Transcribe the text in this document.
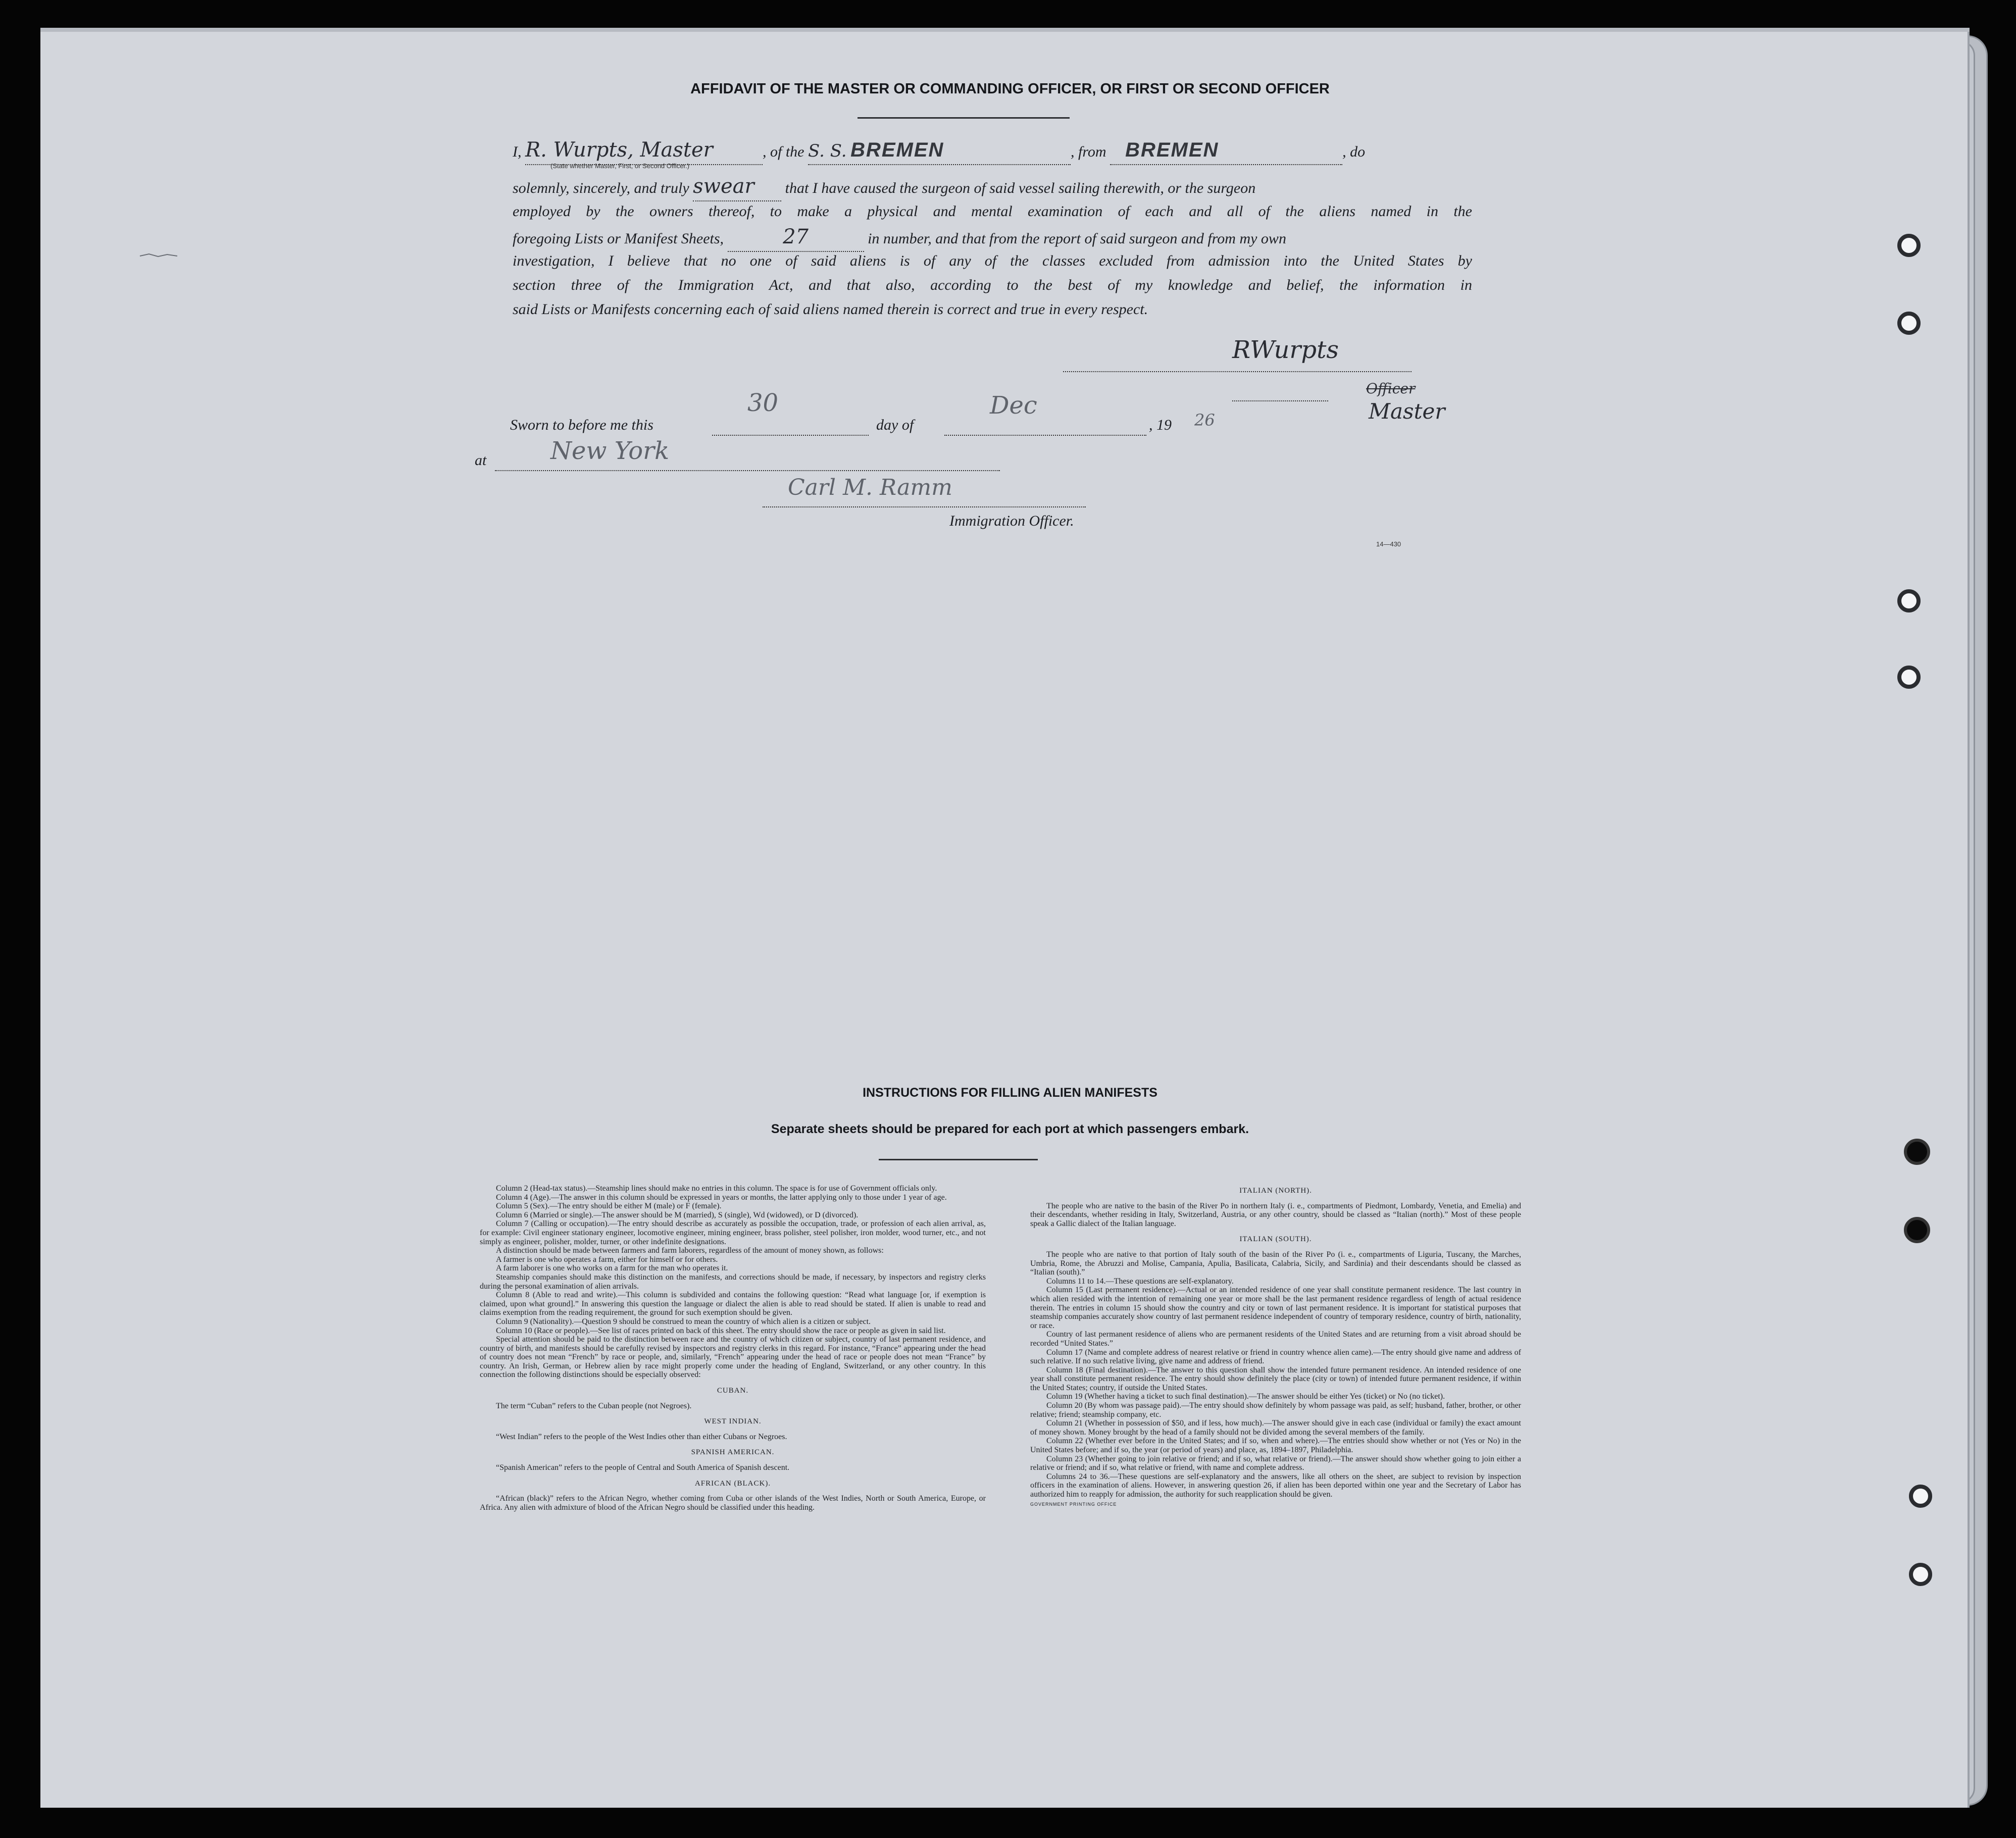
AFFIDAVIT OF THE MASTER OR COMMANDING OFFICER, OR FIRST OR SECOND OFFICER
I, R. Wurpts, Master	, of the S. S. BREMEN	, from BREMEN	, do
(State whether Master, First, or Second Officer.)
solemnly, sincerely, and truly swear that I have caused the surgeon of said vessel sailing therewith, or the surgeon
employed by the owners thereof, to make a physical and mental examination of each and all of the aliens named in the
foregoing Lists or Manifest Sheets,	27	in number, and that from the report of said surgeon and from my own
investigation, I believe that no one of said aliens is of any of the classes excluded from admission into the United States by
section three of the Immigration Act, and that also, according to the best of my knowledge and belief, the information in
said Lists or Manifests concerning each of said aliens named therein is correct and true in every respect.
RWurpts
Officer
Master
Sworn to before me this
30
day of
Dec
, 19 26
at	New York
Carl M. Ramm
Immigration Officer.
14—430
INSTRUCTIONS FOR FILLING ALIEN MANIFESTS
Separate sheets should be prepared for each port at which passengers embark.

Column 2 (Head-tax status).—Steamship lines should make no entries in this column. The space is for use of Government officials only.

Column 4 (Age).—The answer in this column should be expressed in years or months, the latter applying only to those under 1 year of age.

Column 5 (Sex).—The entry should be either M (male) or F (female).

Column 6 (Married or single).—The answer should be M (married), S (single), Wd (widowed), or D (divorced).

Column 7 (Calling or occupation).—The entry should describe as accurately as possible the occupation, trade, or profession of each alien arrival, as, for example: Civil engineer stationary engineer, locomotive engineer, mining engineer, brass polisher, steel polisher, iron molder, wood turner, etc., and not simply as engineer, polisher, molder, turner, or other indefinite designations.

A distinction should be made between farmers and farm laborers, regardless of the amount of money shown, as follows:

A farmer is one who operates a farm, either for himself or for others.

A farm laborer is one who works on a farm for the man who operates it.

Steamship companies should make this distinction on the manifests, and corrections should be made, if necessary, by inspectors and registry clerks during the personal examination of alien arrivals.

Column 8 (Able to read and write).—This column is subdivided and contains the following question: “Read what language [or, if exemption is claimed, upon what ground].” In answering this question the language or dialect the alien is able to read should be stated. If alien is unable to read and claims exemption from the reading requirement, the ground for such exemption should be given.

Column 9 (Nationality).—Question 9 should be construed to mean the country of which alien is a citizen or subject.

Column 10 (Race or people).—See list of races printed on back of this sheet. The entry should show the race or people as given in said list.

Special attention should be paid to the distinction between race and the country of which citizen or subject, country of last permanent residence, and country of birth, and manifests should be carefully revised by inspectors and registry clerks in this regard. For instance, “France” appearing under the head of country does not mean “French” by race or people, and, similarly, “French” appearing under the head of race or people does not mean “France” by country. An Irish, German, or Hebrew alien by race might properly come under the heading of England, Switzerland, or any other country. In this connection the following distinctions should be especially observed:

CUBAN.

The term “Cuban” refers to the Cuban people (not Negroes).

WEST INDIAN.

“West Indian” refers to the people of the West Indies other than either Cubans or Negroes.

SPANISH AMERICAN.

“Spanish American” refers to the people of Central and South America of Spanish descent.

AFRICAN (BLACK).

“African (black)” refers to the African Negro, whether coming from Cuba or other islands of the West Indies, North or South America, Europe, or Africa. Any alien with admixture of blood of the African Negro should be classified under this heading.

ITALIAN (NORTH).

The people who are native to the basin of the River Po in northern Italy (i. e., compartments of Piedmont, Lombardy, Venetia, and Emelia) and their descendants, whether residing in Italy, Switzerland, Austria, or any other country, should be classed as “Italian (north).” Most of these people speak a Gallic dialect of the Italian language.

ITALIAN (SOUTH).

The people who are native to that portion of Italy south of the basin of the River Po (i. e., compartments of Liguria, Tuscany, the Marches, Umbria, Rome, the Abruzzi and Molise, Campania, Apulia, Basilicata, Calabria, Sicily, and Sardinia) and their descendants should be classed as “Italian (south).”

Columns 11 to 14.—These questions are self-explanatory.

Column 15 (Last permanent residence).—Actual or an intended residence of one year shall constitute permanent residence. The last country in which alien resided with the intention of remaining one year or more shall be the last permanent residence regardless of length of actual residence therein. The entries in column 15 should show the country and city or town of last permanent residence. It is important for statistical purposes that steamship companies accurately show country of last permanent residence independent of country of temporary residence, country of birth, nationality, or race.

Country of last permanent residence of aliens who are permanent residents of the United States and are returning from a visit abroad should be recorded “United States.”

Column 17 (Name and complete address of nearest relative or friend in country whence alien came).—The entry should give name and address of such relative. If no such relative living, give name and address of friend.

Column 18 (Final destination).—The answer to this question shall show the intended future permanent residence. An intended residence of one year shall constitute permanent residence. The entry should show definitely the place (city or town) of intended future permanent residence, if within the United States; country, if outside the United States.

Column 19 (Whether having a ticket to such final destination).—The answer should be either Yes (ticket) or No (no ticket).

Column 20 (By whom was passage paid).—The entry should show definitely by whom passage was paid, as self; husband, father, brother, or other relative; friend; steamship company, etc.

Column 21 (Whether in possession of $50, and if less, how much).—The answer should give in each case (individual or family) the exact amount of money shown. Money brought by the head of a family should not be divided among the several members of the family.

Column 22 (Whether ever before in the United States; and if so, when and where).—The entries should show whether or not (Yes or No) in the United States before; and if so, the year (or period of years) and place, as, 1894–1897, Philadelphia.

Column 23 (Whether going to join relative or friend; and if so, what relative or friend).—The answer should show whether going to join either a relative or friend; and if so, what relative or friend, with name and complete address.

Columns 24 to 36.—These questions are self-explanatory and the answers, like all others on the sheet, are subject to revision by inspection officers in the examination of aliens. However, in answering question 26, if alien has been deported within one year and the Secretary of Labor has authorized him to reapply for admission, the authority for such reapplication should be given.

GOVERNMENT PRINTING OFFICE
